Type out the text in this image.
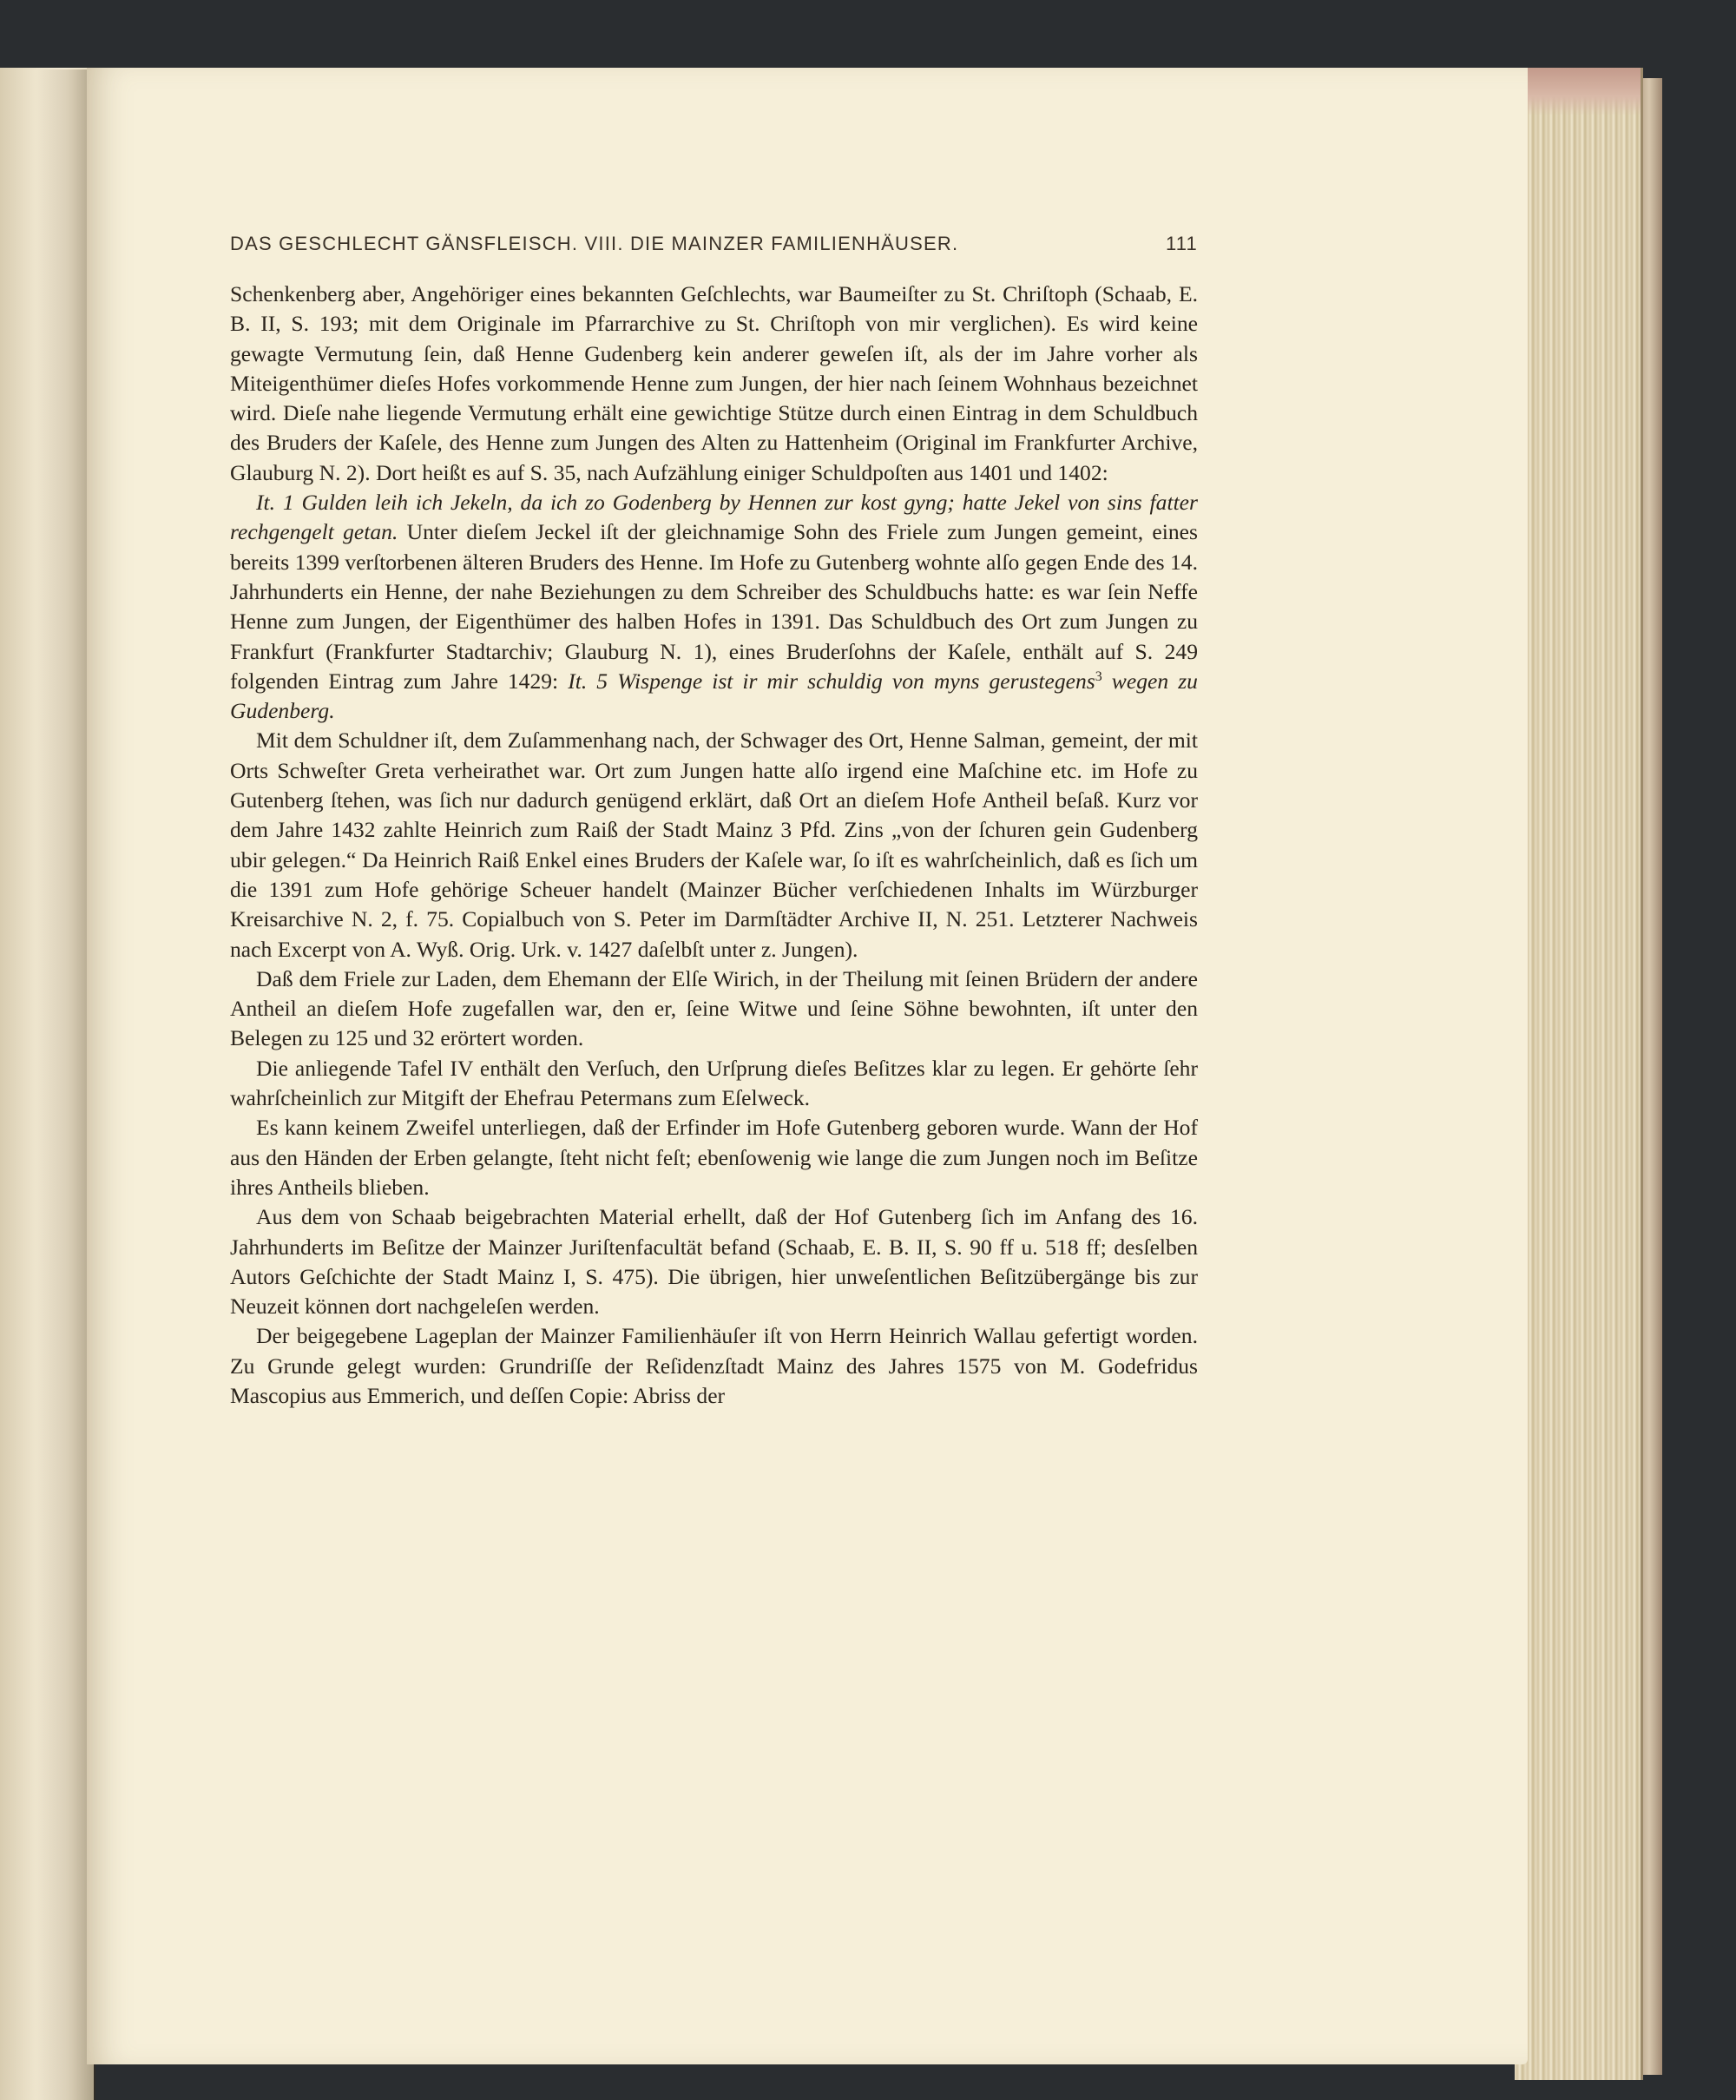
DAS GESCHLECHT GÄNSFLEISCH. VIII. DIE MAINZER FAMILIENHÄUSER.	111

Schenkenberg aber, Angehöriger eines bekannten Geſchlechts, war Baumeiſter zu St. Chriſtoph (Schaab, E. B. II, S. 193; mit dem Originale im Pfarrarchive zu St. Chriſtoph von mir verglichen). Es wird keine gewagte Vermutung ſein, daß Henne Gudenberg kein anderer geweſen iſt, als der im Jahre vorher als Miteigenthümer dieſes Hofes vorkommende Henne zum Jungen, der hier nach ſeinem Wohnhaus bezeichnet wird. Dieſe nahe liegende Vermutung erhält eine gewichtige Stütze durch einen Eintrag in dem Schuldbuch des Bruders der Kaſele, des Henne zum Jungen des Alten zu Hattenheim (Original im Frankfurter Archive, Glauburg N. 2). Dort heißt es auf S. 35, nach Aufzählung einiger Schuldpoſten aus 1401 und 1402:

It. 1 Gulden leih ich Jekeln, da ich zo Godenberg by Hennen zur kost gyng; hatte Jekel von sins fatter rechgengelt getan. Unter dieſem Jeckel iſt der gleichnamige Sohn des Friele zum Jungen gemeint, eines bereits 1399 verſtorbenen älteren Bruders des Henne. Im Hofe zu Gutenberg wohnte alſo gegen Ende des 14. Jahrhunderts ein Henne, der nahe Beziehungen zu dem Schreiber des Schuldbuchs hatte: es war ſein Neffe Henne zum Jungen, der Eigenthümer des halben Hofes in 1391. Das Schuldbuch des Ort zum Jungen zu Frankfurt (Frankfurter Stadtarchiv; Glauburg N. 1), eines Bruderſohns der Kaſele, enthält auf S. 249 folgenden Eintrag zum Jahre 1429: It. 5 Wispenge ist ir mir schuldig von myns gerustegens$^3$ wegen zu Gudenberg.

Mit dem Schuldner iſt, dem Zuſammenhang nach, der Schwager des Ort, Henne Salman, gemeint, der mit Orts Schweſter Greta verheirathet war. Ort zum Jungen hatte alſo irgend eine Maſchine etc. im Hofe zu Gutenberg ſtehen, was ſich nur dadurch genügend erklärt, daß Ort an dieſem Hofe Antheil beſaß. Kurz vor dem Jahre 1432 zahlte Heinrich zum Raiß der Stadt Mainz 3 Pfd. Zins „von der ſchuren gein Gudenberg ubir gelegen.“ Da Heinrich Raiß Enkel eines Bruders der Kaſele war, ſo iſt es wahrſcheinlich, daß es ſich um die 1391 zum Hofe gehörige Scheuer handelt (Mainzer Bücher verſchiedenen Inhalts im Würzburger Kreisarchive N. 2, f. 75. Copialbuch von S. Peter im Darmſtädter Archive II, N. 251. Letzterer Nachweis nach Excerpt von A. Wyß. Orig. Urk. v. 1427 daſelbſt unter z. Jungen).

Daß dem Friele zur Laden, dem Ehemann der Elſe Wirich, in der Theilung mit ſeinen Brüdern der andere Antheil an dieſem Hofe zugefallen war, den er, ſeine Witwe und ſeine Söhne bewohnten, iſt unter den Belegen zu 125 und 32 erörtert worden.

Die anliegende Tafel IV enthält den Verſuch, den Urſprung dieſes Beſitzes klar zu legen. Er gehörte ſehr wahrſcheinlich zur Mitgift der Ehefrau Petermans zum Eſelweck.

Es kann keinem Zweifel unterliegen, daß der Erfinder im Hofe Gutenberg geboren wurde. Wann der Hof aus den Händen der Erben gelangte, ſteht nicht feſt; ebenſowenig wie lange die zum Jungen noch im Beſitze ihres Antheils blieben.

Aus dem von Schaab beigebrachten Material erhellt, daß der Hof Gutenberg ſich im Anfang des 16. Jahrhunderts im Beſitze der Mainzer Juriſtenfacultät befand (Schaab, E. B. II, S. 90 ff u. 518 ff; desſelben Autors Geſchichte der Stadt Mainz I, S. 475). Die übrigen, hier unweſentlichen Beſitzübergänge bis zur Neuzeit können dort nachgeleſen werden.

Der beigegebene Lageplan der Mainzer Familienhäuſer iſt von Herrn Heinrich Wallau gefertigt worden. Zu Grunde gelegt wurden: Grundriſſe der Reſidenzſtadt Mainz des Jahres 1575 von M. Godefridus Mascopius aus Emmerich, und deſſen Copie: Abriss der
